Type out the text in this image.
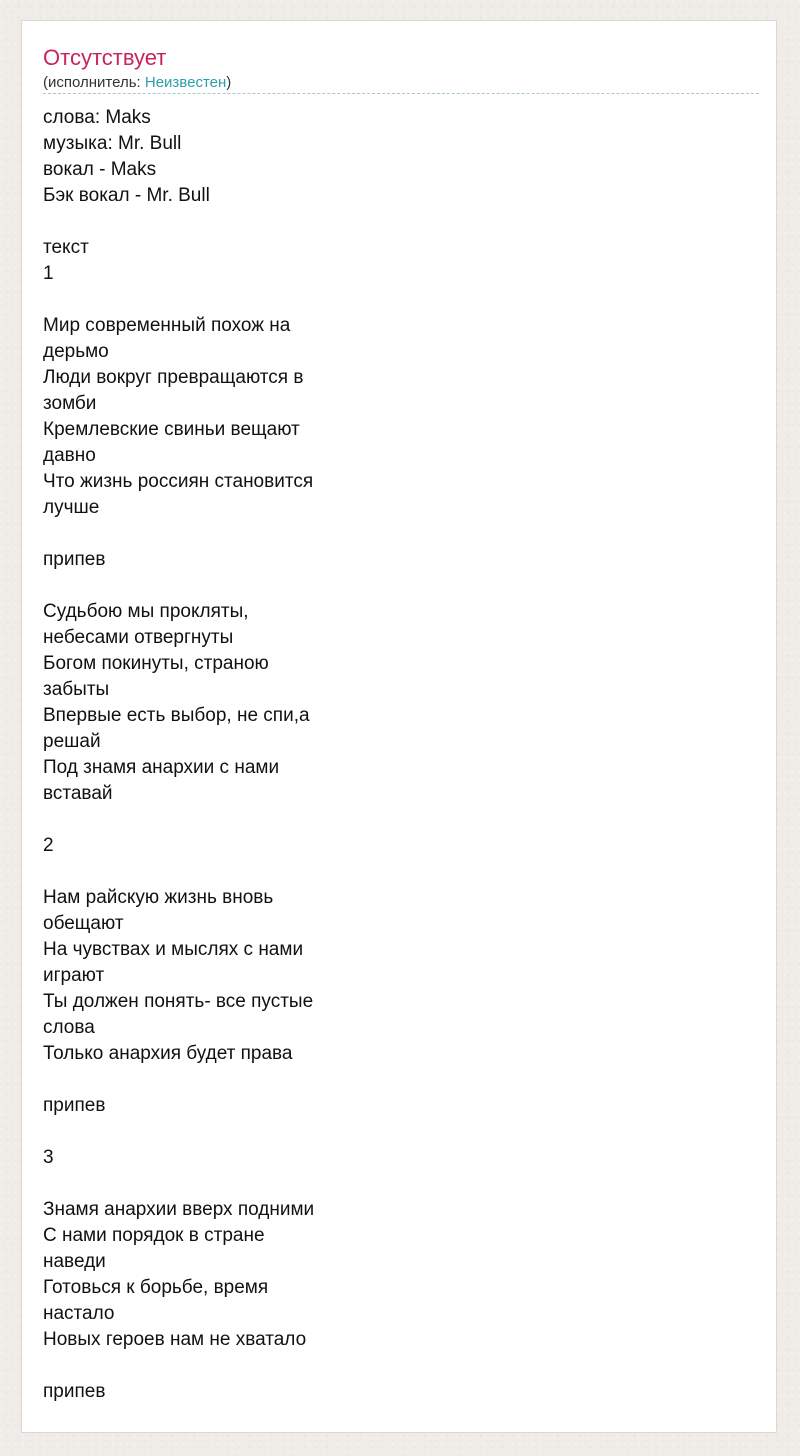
Отсутствует
(исполнитель: Неизвестен)
слова: Maks
музыка: Mr. Bull
вокал - Maks
Бэк вокал - Mr. Bull
текст
1
Мир современный похож на
дерьмо
Люди вокруг превращаются в
зомби
Кремлевские свиньи вещают
давно
Что жизнь россиян становится
лучше
припев
Судьбою мы прокляты,
небесами отвергнуты
Богом покинуты, страною
забыты
Впервые есть выбор, не спи,а
решай
Под знамя анархии с нами
вставай
2
Нам райскую жизнь вновь
обещают
На чувствах и мыслях с нами
играют
Ты должен понять- все пустые
слова
Только анархия будет права
припев
3
Знамя анархии вверх подними
С нами порядок в стране
наведи
Готовься к борьбе, время
настало
Новых героев нам не хватало
припев
